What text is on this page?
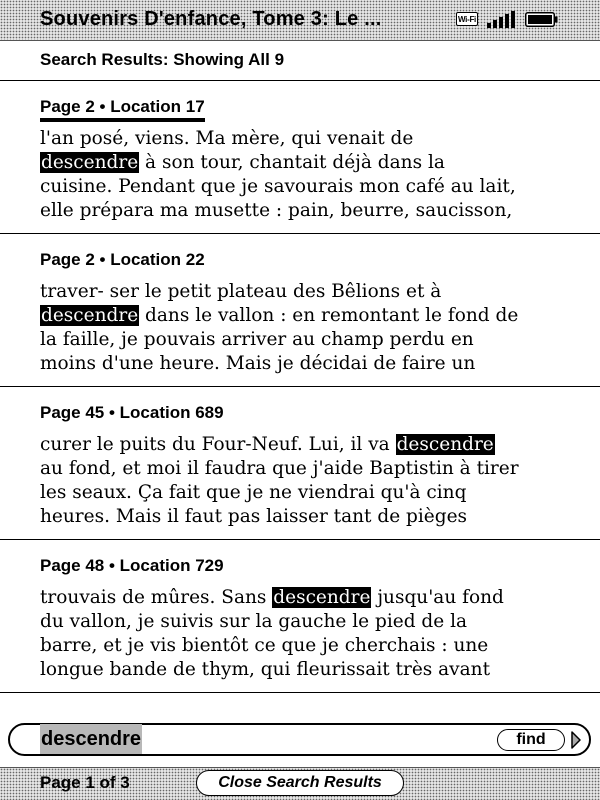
Souvenirs D'enfance, Tome 3: Le ...	Wi-Fi
Search Results: Showing All 9
Page 2 • Location 17
l'an posé, viens. Ma mère, qui venait de
descendre à son tour, chantait déjà dans la
cuisine. Pendant que je savourais mon café au lait,
elle prépara ma musette : pain, beurre, saucisson,
Page 2 • Location 22
traver- ser le petit plateau des Bêlions et à
descendre dans le vallon : en remontant le fond de
la faille, je pouvais arriver au champ perdu en
moins d'une heure. Mais je décidai de faire un
Page 45 • Location 689
curer le puits du Four-Neuf. Lui, il va descendre
au fond, et moi il faudra que j'aide Baptistin à tirer
les seaux. Ça fait que je ne viendrai qu'à cinq
heures. Mais il faut pas laisser tant de pièges
Page 48 • Location 729
trouvais de mûres. Sans descendre jusqu'au fond
du vallon, je suivis sur la gauche le pied de la
barre, et je vis bientôt ce que je cherchais : une
longue bande de thym, qui fleurissait très avant
descendre	find
Page 1 of 3	Close Search Results
